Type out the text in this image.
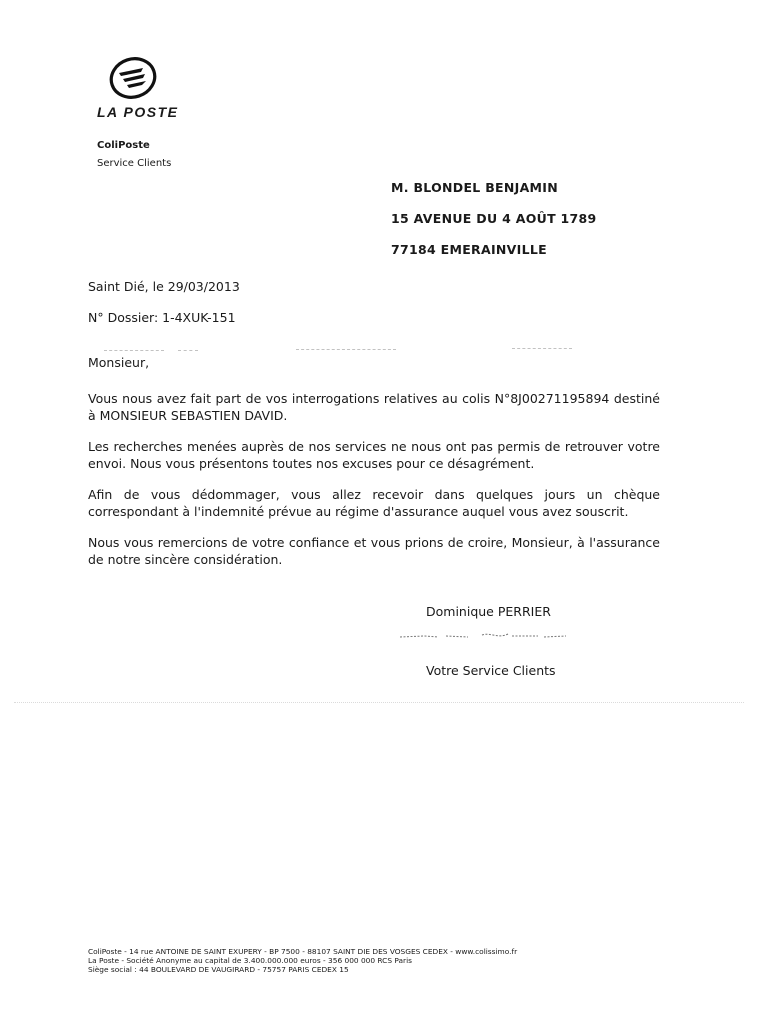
LA POSTE
ColiPoste
Service Clients
M. BLONDEL BENJAMIN
15 AVENUE DU 4 AOÛT 1789
77184 EMERAINVILLE
Saint Dié, le 29/03/2013
N° Dossier: 1-4XUK-151

Monsieur,

Vous nous avez fait part de vos interrogations relatives au colis N°8J00271195894 destiné à MONSIEUR SEBASTIEN DAVID.

Les recherches menées auprès de nos services ne nous ont pas permis de retrouver votre envoi. Nous vous présentons toutes nos excuses pour ce désagrément.

Afin de vous dédommager, vous allez recevoir dans quelques jours un chèque correspondant à l'indemnité prévue au régime d'assurance auquel vous avez souscrit.

Nous vous remercions de votre confiance et vous prions de croire, Monsieur, à l'assurance de notre sincère considération.

Dominique PERRIER
Votre Service Clients
ColiPoste - 14 rue ANTOINE DE SAINT EXUPERY - BP 7500 - 88107 SAINT DIE DES VOSGES CEDEX - www.colissimo.fr
La Poste - Société Anonyme au capital de 3.400.000.000 euros - 356 000 000 RCS Paris
Siège social : 44 BOULEVARD DE VAUGIRARD - 75757 PARIS CEDEX 15
